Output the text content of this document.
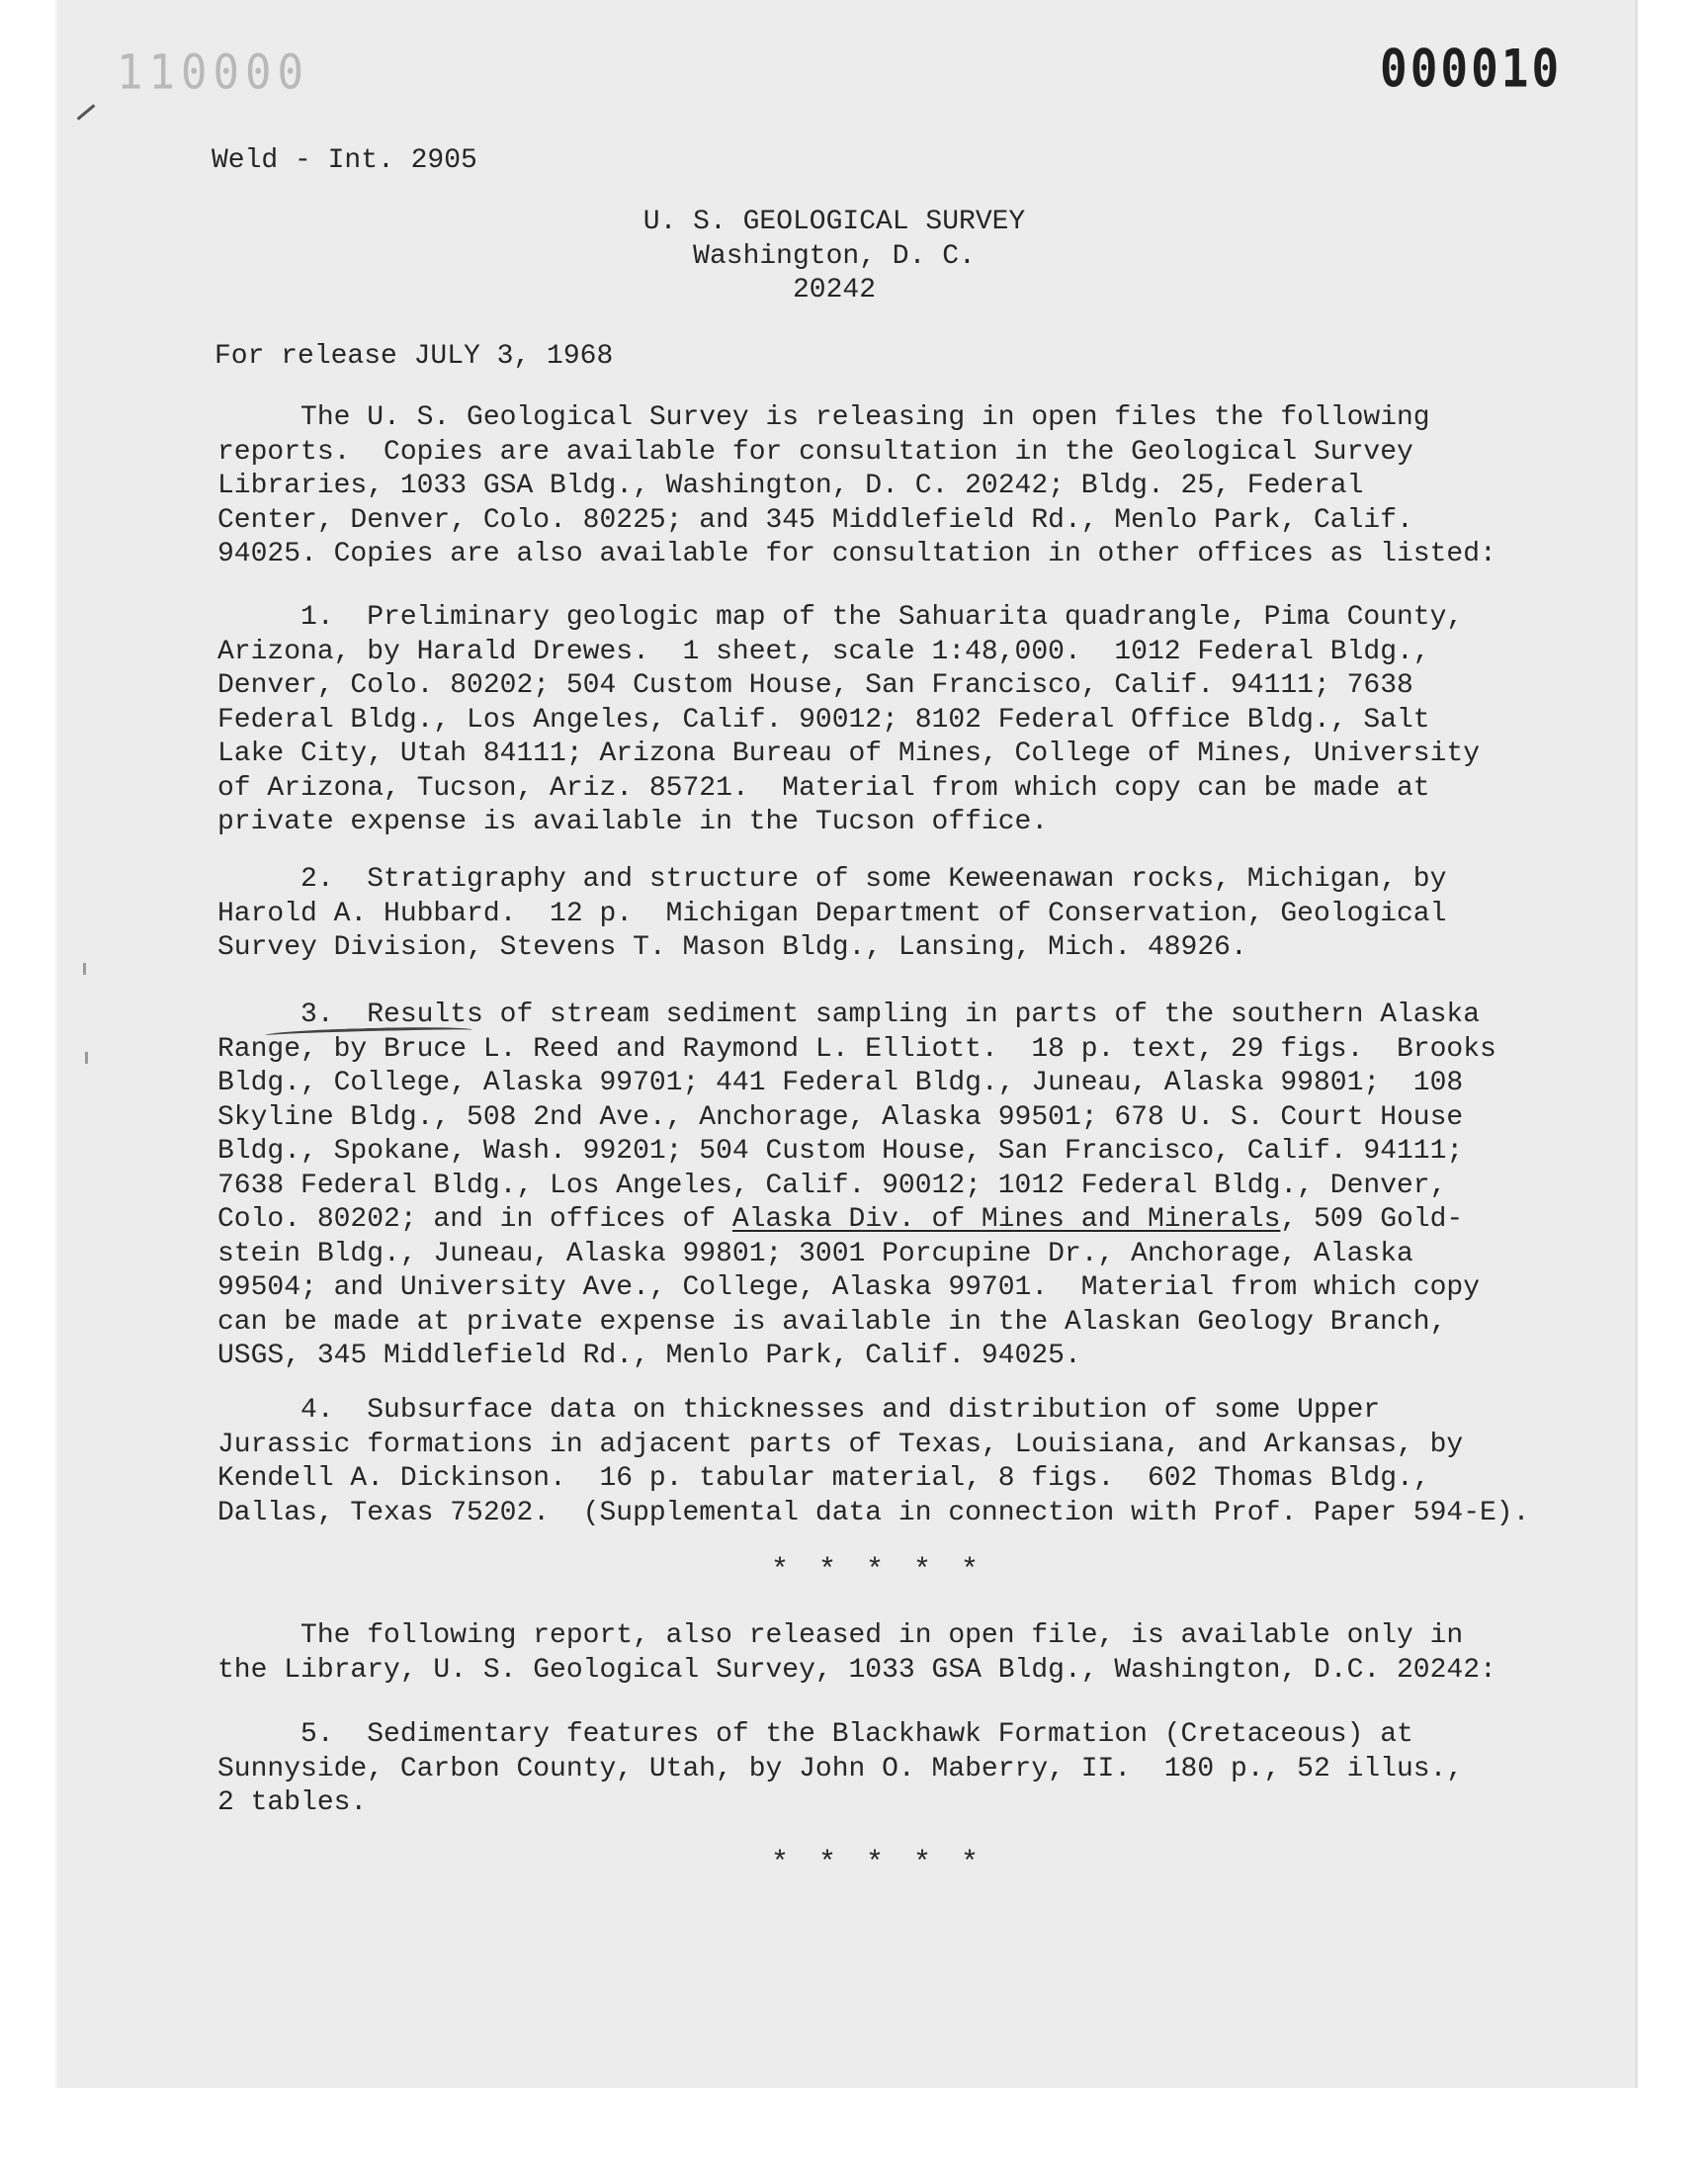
110000	000010
Weld - Int. 2905
U. S. GEOLOGICAL SURVEY
Washington, D. C.
20242
For release JULY 3, 1968
The U. S. Geological Survey is releasing in open files the following
reports.  Copies are available for consultation in the Geological Survey
Libraries, 1033 GSA Bldg., Washington, D. C. 20242; Bldg. 25, Federal
Center, Denver, Colo. 80225; and 345 Middlefield Rd., Menlo Park, Calif.
94025. Copies are also available for consultation in other offices as listed:
1.  Preliminary geologic map of the Sahuarita quadrangle, Pima County,
Arizona, by Harald Drewes.  1 sheet, scale 1:48,000.  1012 Federal Bldg.,
Denver, Colo. 80202; 504 Custom House, San Francisco, Calif. 94111; 7638
Federal Bldg., Los Angeles, Calif. 90012; 8102 Federal Office Bldg., Salt
Lake City, Utah 84111; Arizona Bureau of Mines, College of Mines, University
of Arizona, Tucson, Ariz. 85721.  Material from which copy can be made at
private expense is available in the Tucson office.
2.  Stratigraphy and structure of some Keweenawan rocks, Michigan, by
Harold A. Hubbard.  12 p.  Michigan Department of Conservation, Geological
Survey Division, Stevens T. Mason Bldg., Lansing, Mich. 48926.
3.  Results of stream sediment sampling in parts of the southern Alaska
Range, by Bruce L. Reed and Raymond L. Elliott.  18 p. text, 29 figs.  Brooks
Bldg., College, Alaska 99701; 441 Federal Bldg., Juneau, Alaska 99801;  108
Skyline Bldg., 508 2nd Ave., Anchorage, Alaska 99501; 678 U. S. Court House
Bldg., Spokane, Wash. 99201; 504 Custom House, San Francisco, Calif. 94111;
7638 Federal Bldg., Los Angeles, Calif. 90012; 1012 Federal Bldg., Denver,
Colo. 80202; and in offices of Alaska Div. of Mines and Minerals, 509 Gold-
stein Bldg., Juneau, Alaska 99801; 3001 Porcupine Dr., Anchorage, Alaska
99504; and University Ave., College, Alaska 99701.  Material from which copy
can be made at private expense is available in the Alaskan Geology Branch,
USGS, 345 Middlefield Rd., Menlo Park, Calif. 94025.
4.  Subsurface data on thicknesses and distribution of some Upper
Jurassic formations in adjacent parts of Texas, Louisiana, and Arkansas, by
Kendell A. Dickinson.  16 p. tabular material, 8 figs.  602 Thomas Bldg.,
Dallas, Texas 75202.  (Supplemental data in connection with Prof. Paper 594-E).
* * * * *
The following report, also released in open file, is available only in
the Library, U. S. Geological Survey, 1033 GSA Bldg., Washington, D.C. 20242:
5.  Sedimentary features of the Blackhawk Formation (Cretaceous) at
Sunnyside, Carbon County, Utah, by John O. Maberry, II.  180 p., 52 illus.,
2 tables.
* * * * *
